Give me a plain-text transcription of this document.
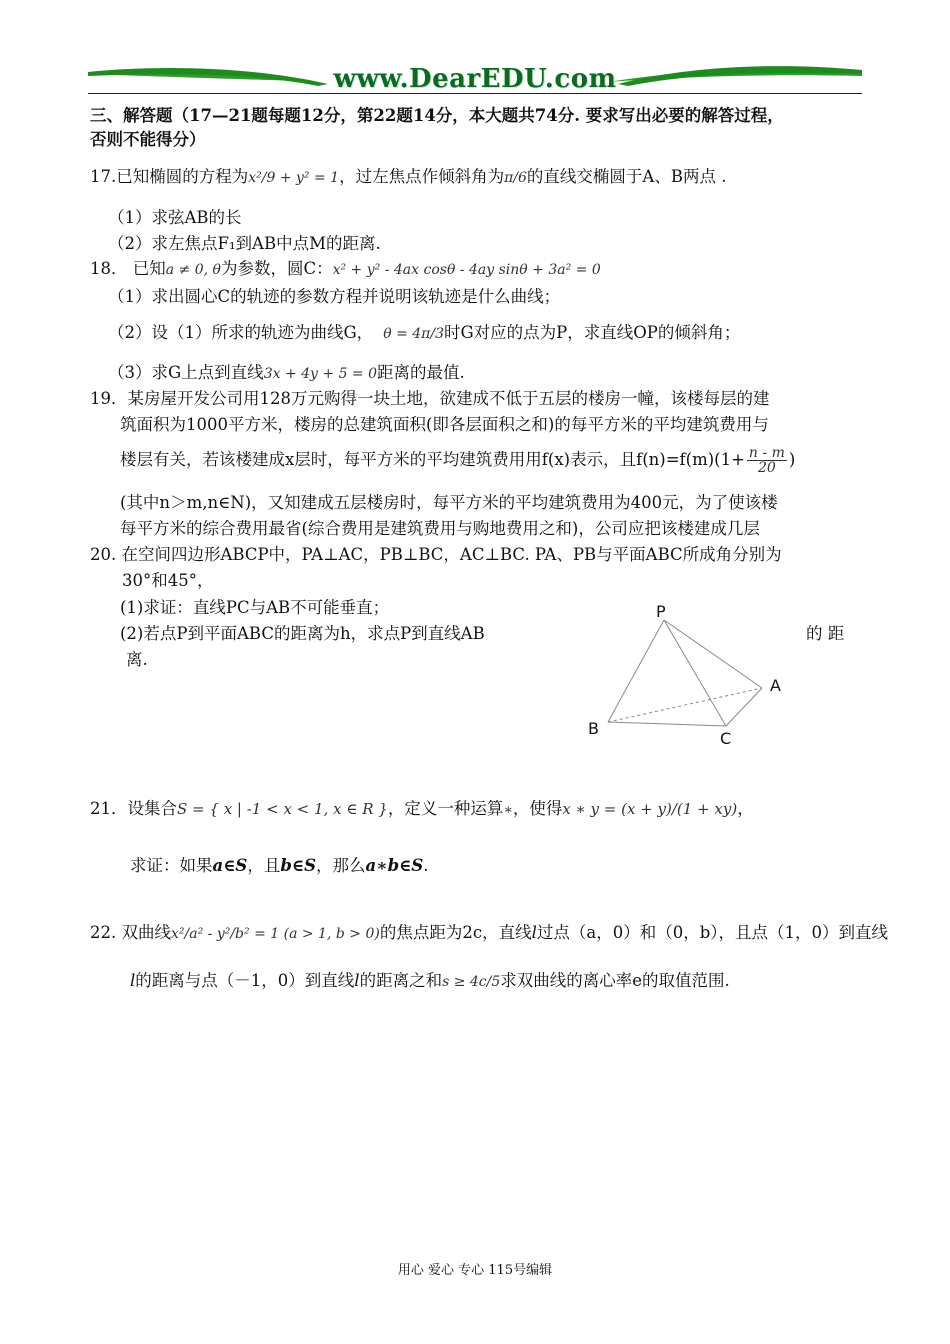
www.DearEDU.com
三、解答题（17—21题每题12分，第22题14分，本大题共74分. 要求写出必要的解答过程，
否则不能得分）
17.已知椭圆的方程为x²/9 + y² = 1，过左焦点作倾斜角为π/6的直线交椭圆于A、B两点 .
（1）求弦AB的长
（2）求左焦点F₁到AB中点M的距离.
18． 已知a ≠ 0, θ为参数，圆C：x² + y² - 4ax cosθ - 4ay sinθ + 3a² = 0
（1）求出圆心C的轨迹的参数方程并说明该轨迹是什么曲线；
（2）设（1）所求的轨迹为曲线G， θ = 4π/3时G对应的点为P，求直线OP的倾斜角；
（3）求G上点到直线3x + 4y + 5 = 0距离的最值.
19．某房屋开发公司用128万元购得一块土地，欲建成不低于五层的楼房一幢，该楼每层的建
筑面积为1000平方米，楼房的总建筑面积(即各层面积之和)的每平方米的平均建筑费用与
楼层有关，若该楼建成x层时，每平方米的平均建筑费用用f(x)表示，且$f(n)=f(m)(1+ \frac{n - m}{20}$ )
(其中n＞m,n∈N)，又知建成五层楼房时，每平方米的平均建筑费用为400元，为了使该楼
每平方米的综合费用最省(综合费用是建筑费用与购地费用之和)，公司应把该楼建成几层
20. 在空间四边形ABCP中，PA⊥AC，PB⊥BC，AC⊥BC. PA、PB与平面ABC所成角分别为
30°和45°，
(1)求证：直线PC与AB不可能垂直；
(2)若点P到平面ABC的距离为h，求点P到直线AB	的 距
离.
P
A
B
C
21．设集合S = { x | -1 < x < 1, x ∈ R }，定义一种运算∗，使得x ∗ y = (x + y)/(1 + xy)，
求证：如果a∈S，且b∈S，那么a∗b∈S.
22. 双曲线x²/a² - y²/b² = 1 (a > 1, b > 0)的焦点距为2c，直线l过点（a，0）和（0，b），且点（1，0）到直线
l的距离与点（－1，0）到直线l的距离之和s ≥ 4c/5求双曲线的离心率e的取值范围.
用心 爱心 专心 115号编辑
